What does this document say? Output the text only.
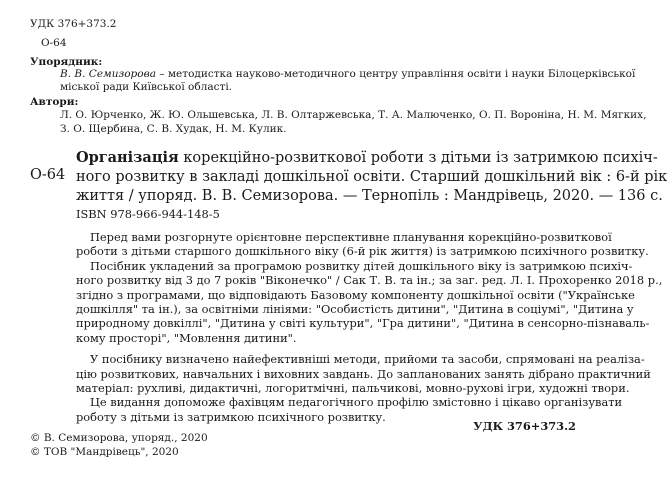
УДК 376+373.2

О-64

Упорядник:

В. В. Семизорова – методистка науково-методичного центру управління освіти і науки Білоцерківської

міської ради Київської області.

Автори:

Л. О. Юрченко, Ж. Ю. Ольшевська, Л. В. Олтаржевська, Т. А. Малюченко, О. П. Вороніна, Н. М. Мягких,

З. О. Щербина, С. В. Худак, Н. М. Кулик.

О-64

Організація корекційно-розвиткової роботи з дітьми із затримкою психіч-
ного розвитку в закладі дошкільної освіти. Старший дошкільний вік : 6-й рік
життя / упоряд. В. В. Семизорова. — Тернопіль : Мандрівець, 2020. — 136 с.

ISBN 978-966-944-148-5

Перед вами розгорнуте орієнтовне перспективне планування корекційно-розвиткової
роботи з дітьми старшого дошкільного віку (6-й рік життя) із затримкою психічного розвитку.
Посібник укладений за програмою розвитку дітей дошкільного віку із затримкою психіч-
ного розвитку від 3 до 7 років "Віконечко" / Сак Т. В. та ін.; за заг. ред. Л. І. Прохоренко 2018 р.,
згідно з програмами, що відповідають Базовому компоненту дошкільної освіти ("Українське
дошкілля" та ін.), за освітніми лініями: "Особистість дитини", "Дитина в соціумі", "Дитина у
природному довкіллі", "Дитина у світі культури", "Гра дитини", "Дитина в сенсорно-пізнаваль-
кому просторі", "Мовлення дитини".
У посібнику визначено найефективніші методи, прийоми та засоби, спрямовані на реаліза-
цію розвиткових, навчальних і виховних завдань. До запланованих занять дібрано практичний
матеріал: рухливі, дидактичні, логоритмічні, пальчикові, мовно-рухові ігри, художні твори.
Це видання допоможе фахівцям педагогічного профілю змістовно і цікаво організувати
роботу з дітьми із затримкою психічного розвитку.

УДК 376+373.2

© В. Семизорова, упоряд., 2020

© ТОВ "Мандрівець", 2020
